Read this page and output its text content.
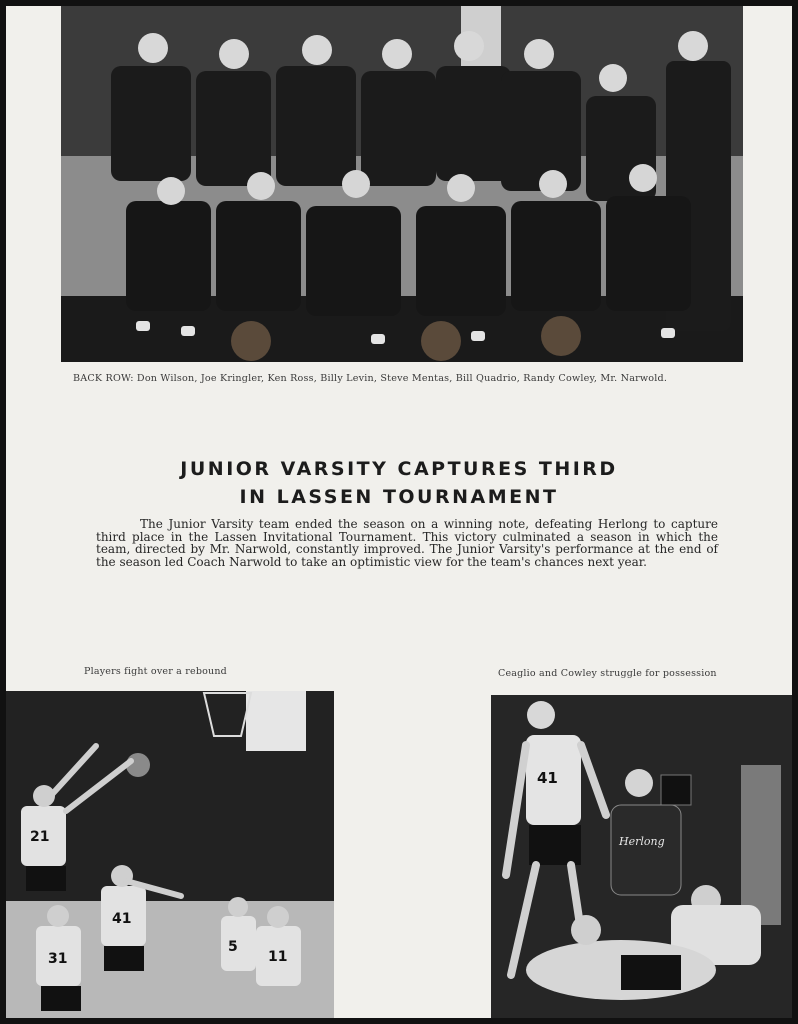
BACK ROW: Don Wilson, Joe Kringler, Ken Ross, Billy Levin, Steve Mentas, Bill Quadrio, Randy Cowley, Mr. Narwold.
JUNIOR VARSITY CAPTURES THIRD
IN LASSEN TOURNAMENT
The Junior Varsity team ended the season on a winning note, defeating Herlong to capture third place in the Lassen Invitational Tournament. This victory culminated a season in which the team, directed by Mr. Narwold, constantly improved. The Junior Varsity's performance at the end of the season led Coach Narwold to take an optimistic view for the team's chances next year.
Players fight over a rebound
21
41
31
5
11
Ceaglio and Cowley struggle for possession
41
Herlong
